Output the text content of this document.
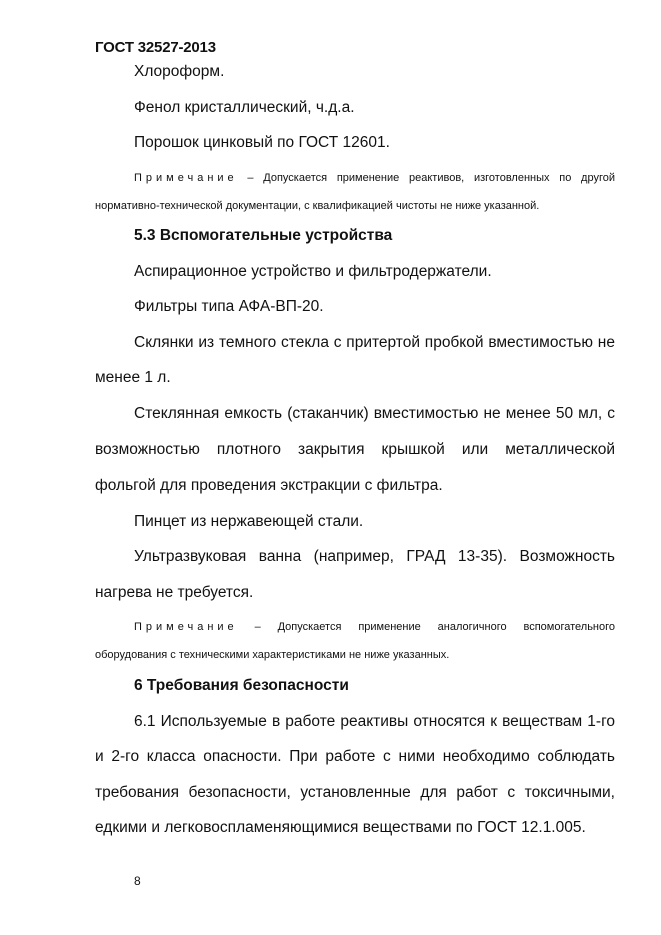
ГОСТ 32527-2013
Хлороформ.
Фенол кристаллический, ч.д.а.
Порошок цинковый по ГОСТ 12601.
Примечание – Допускается применение реактивов, изготовленных по другой
нормативно-технической документации, с квалификацией чистоты не ниже указанной.
5.3 Вспомогательные устройства
Аспирационное устройство и фильтродержатели.
Фильтры типа АФА-ВП-20.
Склянки из темного стекла с притертой пробкой вместимостью не
менее 1 л.
Стеклянная емкость (стаканчик) вместимостью не менее 50 мл, с
возможностью плотного закрытия крышкой или металлической
фольгой для проведения экстракции с фильтра.
Пинцет из нержавеющей стали.
Ультразвуковая ванна (например, ГРАД 13-35). Возможность
нагрева не требуется.
Примечание – Допускается применение аналогичного вспомогательного
оборудования с техническими характеристиками не ниже указанных.
6 Требования безопасности
6.1 Используемые в работе реактивы относятся к веществам 1-го
и 2-го класса опасности. При работе с ними необходимо соблюдать
требования безопасности, установленные для работ с токсичными,
едкими и легковоспламеняющимися веществами по ГОСТ 12.1.005.
8
